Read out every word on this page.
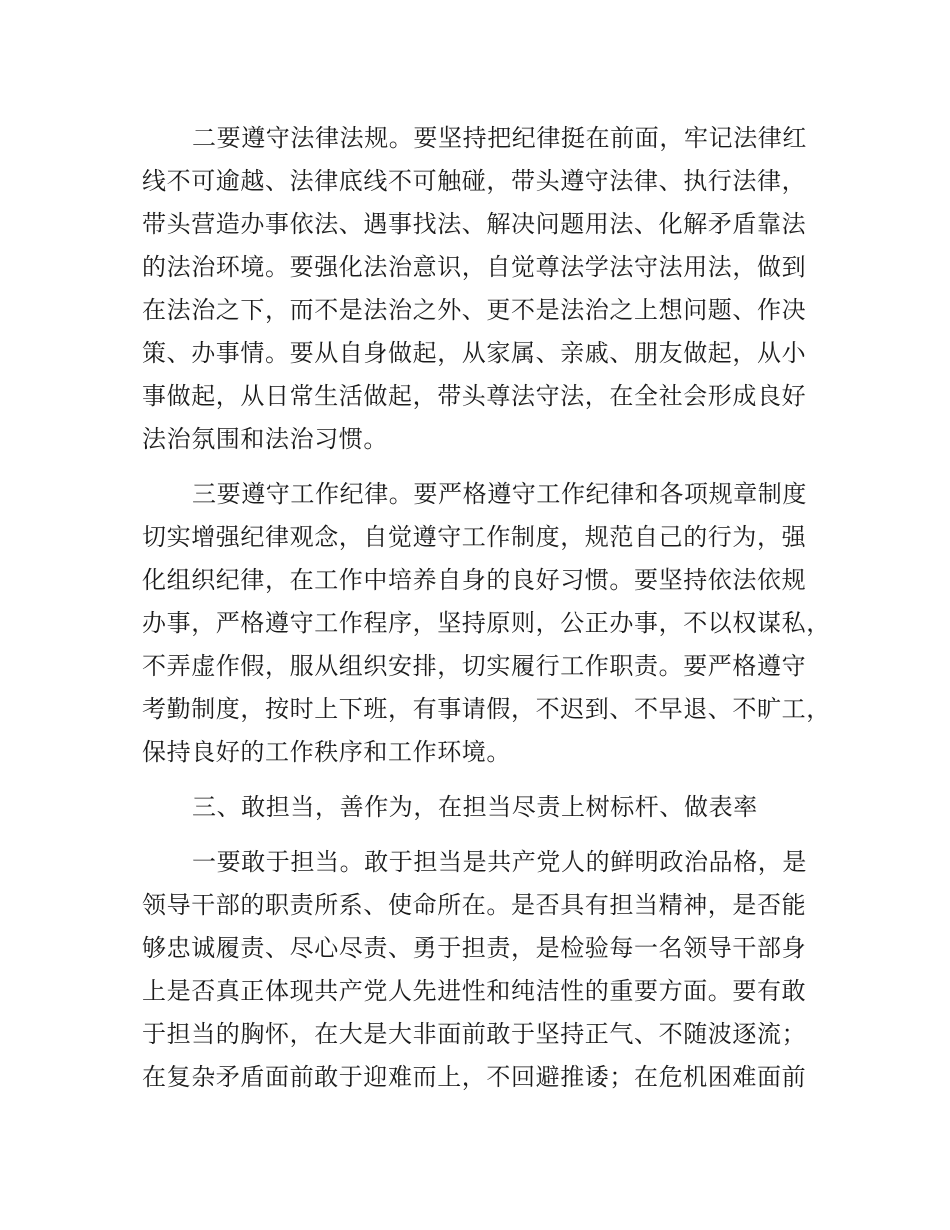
二要遵守法律法规。要坚持把纪律挺在前面，牢记法律红
线不可逾越、法律底线不可触碰，带头遵守法律、执行法律，
带头营造办事依法、遇事找法、解决问题用法、化解矛盾靠法
的法治环境。要强化法治意识，自觉尊法学法守法用法，做到
在法治之下，而不是法治之外、更不是法治之上想问题、作决
策、办事情。要从自身做起，从家属、亲戚、朋友做起，从小
事做起，从日常生活做起，带头尊法守法，在全社会形成良好
法治氛围和法治习惯。
三要遵守工作纪律。要严格遵守工作纪律和各项规章制度
切实增强纪律观念，自觉遵守工作制度，规范自己的行为，强
化组织纪律，在工作中培养自身的良好习惯。要坚持依法依规
办事，严格遵守工作程序，坚持原则，公正办事，不以权谋私，
不弄虚作假，服从组织安排，切实履行工作职责。要严格遵守
考勤制度，按时上下班，有事请假，不迟到、不早退、不旷工，
保持良好的工作秩序和工作环境。
三、敢担当，善作为，在担当尽责上树标杆、做表率
一要敢于担当。敢于担当是共产党人的鲜明政治品格，是
领导干部的职责所系、使命所在。是否具有担当精神，是否能
够忠诚履责、尽心尽责、勇于担责，是检验每一名领导干部身
上是否真正体现共产党人先进性和纯洁性的重要方面。要有敢
于担当的胸怀，在大是大非面前敢于坚持正气、不随波逐流；
在复杂矛盾面前敢于迎难而上，不回避推诿；在危机困难面前
